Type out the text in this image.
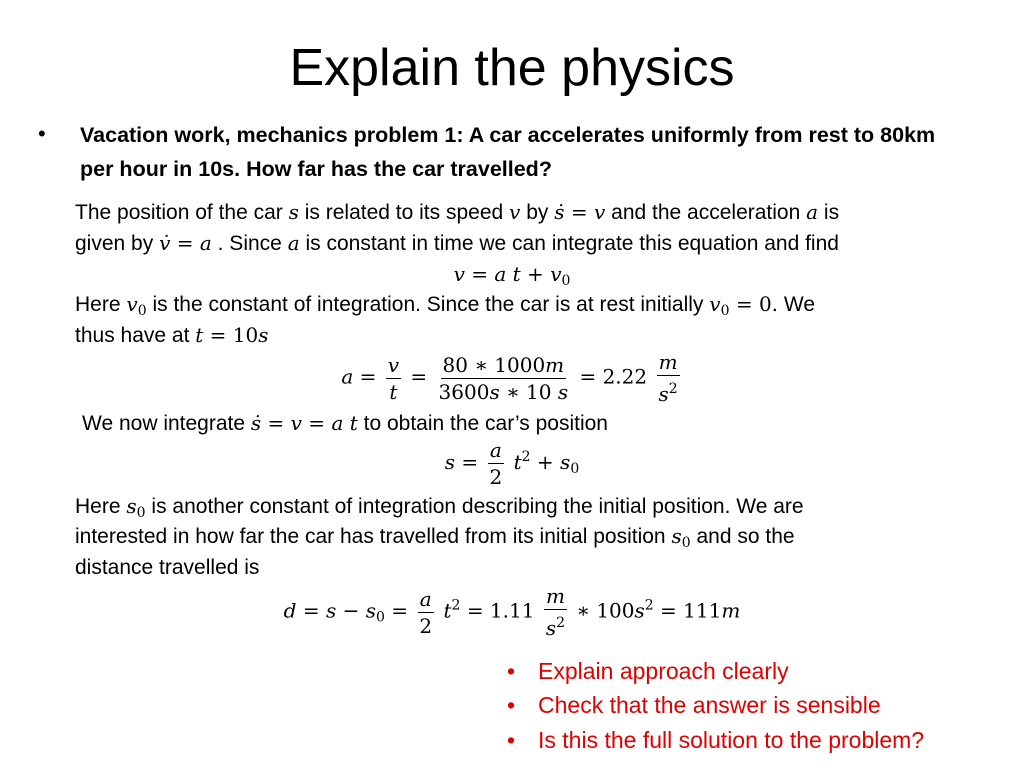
Explain the physics
• Vacation work, mechanics problem 1: A car accelerates uniformly from rest to 80km per hour in 10s. How far has the car travelled?
The position of the car s is related to its speed v by ṡ = v and the acceleration a is
given by v̇ = a . Since a is constant in time we can integrate this equation and find
v = a $t + v_0$
Here $v_0$ is the constant of integration. Since the car is at rest initially $v_0 = 0$. We
thus have at t = 10s
$a = \frac{v}{t} = \frac{80 ∗ 1000m}{3600s ∗ 10 s} = 2.22 \frac{m}{s^2}$
We now integrate ṡ = v = a t to obtain the car’s position
$s = \frac{a}{2} t^2 + s_0$
Here $s_0$ is another constant of integration describing the initial position. We are
interested in how far the car has travelled from its initial position $s_0$ and so the
distance travelled is
$d = s - s_0 = \frac{a}{2} t^2 = 1.11 \frac{m}{s^2}$ ∗ $100s^2 = 111m$
• Explain approach clearly
• Check that the answer is sensible
• Is this the full solution to the problem?
